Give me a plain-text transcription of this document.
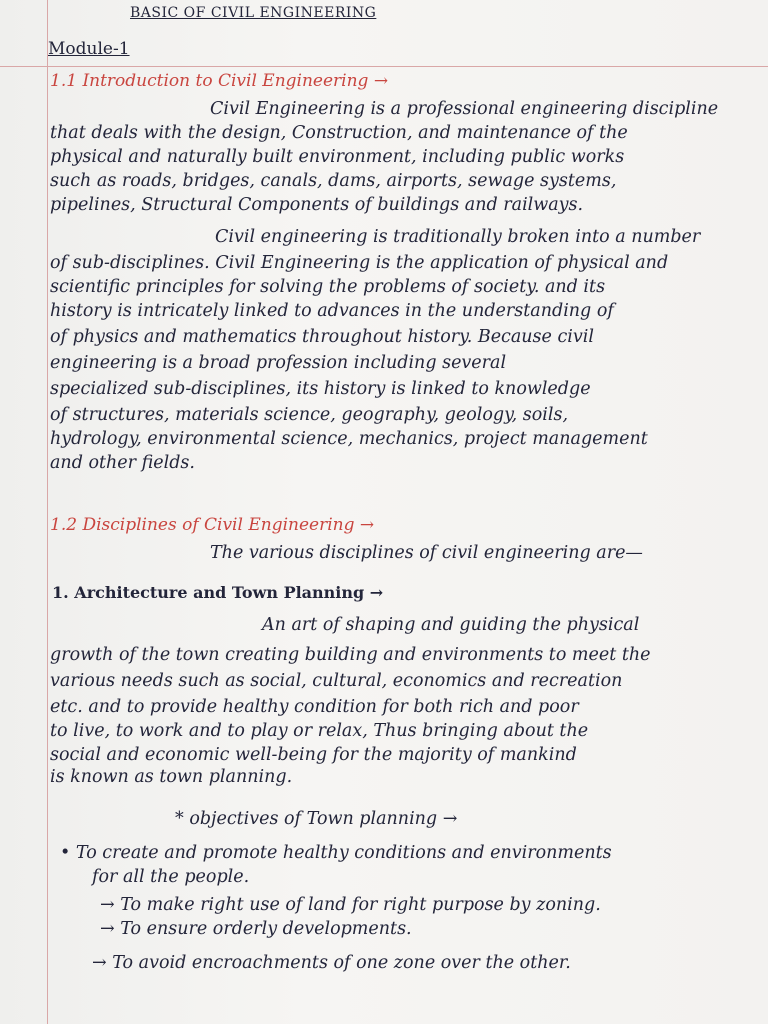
BASIC OF CIVIL ENGINEERING
Module-1
1.1 Introduction to Civil Engineering →
Civil Engineering is a professional engineering discipline
that deals with the design, Construction, and maintenance of the
physical and naturally built environment, including public works
such as roads, bridges, canals, dams, airports, sewage systems,
pipelines, Structural Components of buildings and railways.
Civil engineering is traditionally broken into a number
of sub-disciplines. Civil Engineering is the application of physical and
scientific principles for solving the problems of society. and its
history is intricately linked to advances in the understanding of
of physics and mathematics throughout history. Because civil
engineering is a broad profession including several
specialized sub-disciplines, its history is linked to knowledge
of structures, materials science, geography, geology, soils,
hydrology, environmental science, mechanics, project management
and other fields.
1.2 Disciplines of Civil Engineering →
The various disciplines of civil engineering are—
1. Architecture and Town Planning →
An art of shaping and guiding the physical
growth of the town creating building and environments to meet the
various needs such as social, cultural, economics and recreation
etc. and to provide healthy condition for both rich and poor
to live, to work and to play or relax, Thus bringing about the
social and economic well-being for the majority of mankind
is known as town planning.
* objectives of Town planning →
• To create and promote healthy conditions and environments
for all the people.
→ To make right use of land for right purpose by zoning.
→ To ensure orderly developments.
→ To avoid encroachments of one zone over the other.
